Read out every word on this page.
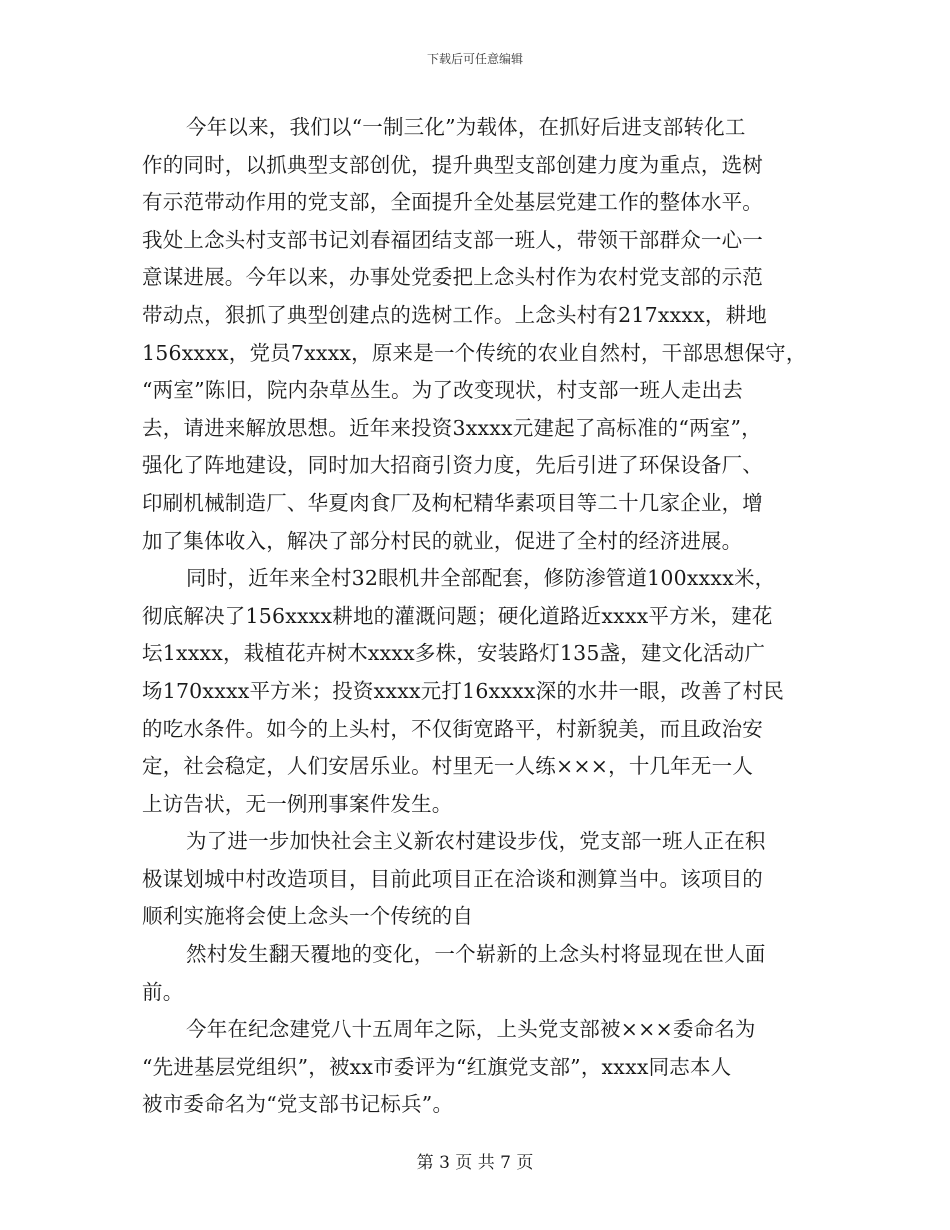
下载后可任意编辑
今年以来，我们以“一制三化”为载体，在抓好后进支部转化工
作的同时，以抓典型支部创优，提升典型支部创建力度为重点，选树
有示范带动作用的党支部，全面提升全处基层党建工作的整体水平。
我处上念头村支部书记刘春福团结支部一班人，带领干部群众一心一
意谋进展。今年以来，办事处党委把上念头村作为农村党支部的示范
带动点，狠抓了典型创建点的选树工作。上念头村有217xxxx，耕地
156xxxx，党员7xxxx，原来是一个传统的农业自然村，干部思想保守，
“两室”陈旧，院内杂草丛生。为了改变现状，村支部一班人走出去
去，请进来解放思想。近年来投资3xxxx元建起了高标准的“两室”，
强化了阵地建设，同时加大招商引资力度，先后引进了环保设备厂、
印刷机械制造厂、华夏肉食厂及枸杞精华素项目等二十几家企业，增
加了集体收入，解决了部分村民的就业，促进了全村的经济进展。
同时，近年来全村32眼机井全部配套，修防渗管道100xxxx米，
彻底解决了156xxxx耕地的灌溉问题；硬化道路近xxxx平方米，建花
坛1xxxx，栽植花卉树木xxxx多株，安装路灯135盏，建文化活动广
场170xxxx平方米；投资xxxx元打16xxxx深的水井一眼，改善了村民
的吃水条件。如今的上头村，不仅街宽路平，村新貌美，而且政治安
定，社会稳定，人们安居乐业。村里无一人练×××，十几年无一人
上访告状，无一例刑事案件发生。
为了进一步加快社会主义新农村建设步伐，党支部一班人正在积
极谋划城中村改造项目，目前此项目正在洽谈和测算当中。该项目的
顺利实施将会使上念头一个传统的自
然村发生翻天覆地的变化，一个崭新的上念头村将显现在世人面
前。
今年在纪念建党八十五周年之际，上头党支部被×××委命名为
“先进基层党组织”，被xx市委评为“红旗党支部”，xxxx同志本人
被市委命名为“党支部书记标兵”。
第 3 页 共 7 页
